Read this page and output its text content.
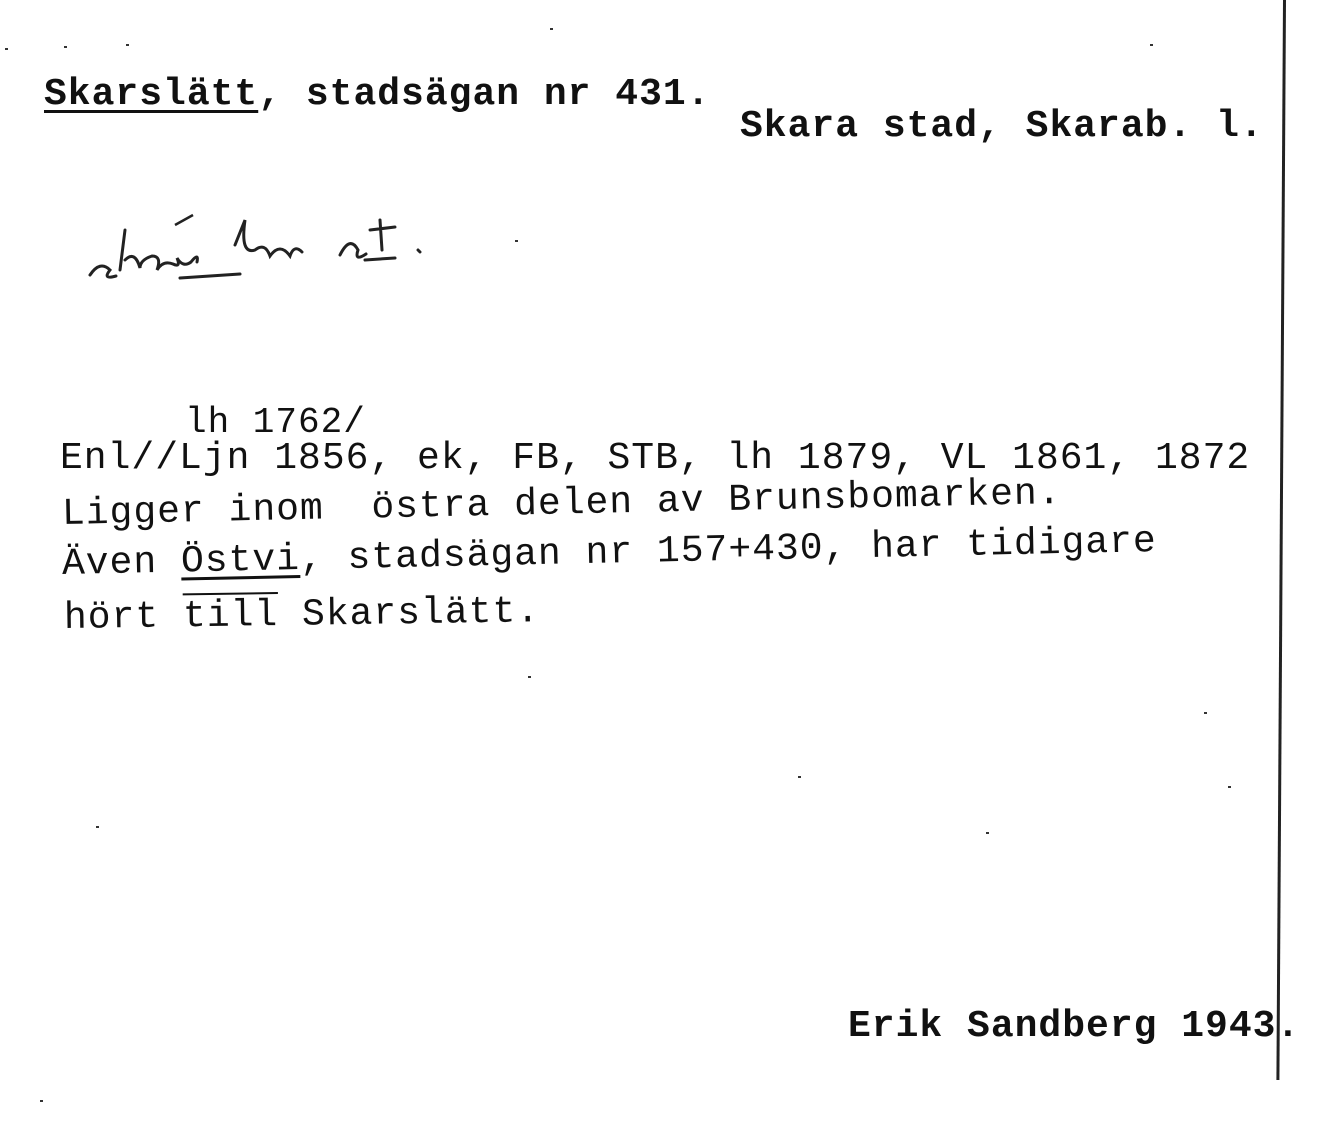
Skarslätt, stadsägan nr 431.
Skara stad, Skarab. l.
lh 1762/
Enl//Ljn 1856, ek, FB, STB, lh 1879, VL 1861, 1872
Ligger inom  östra delen av Brunsbomarken.
Även Östvi, stadsägan nr 157+430, har tidigare
hört till Skarslätt.
Erik Sandberg 1943.
